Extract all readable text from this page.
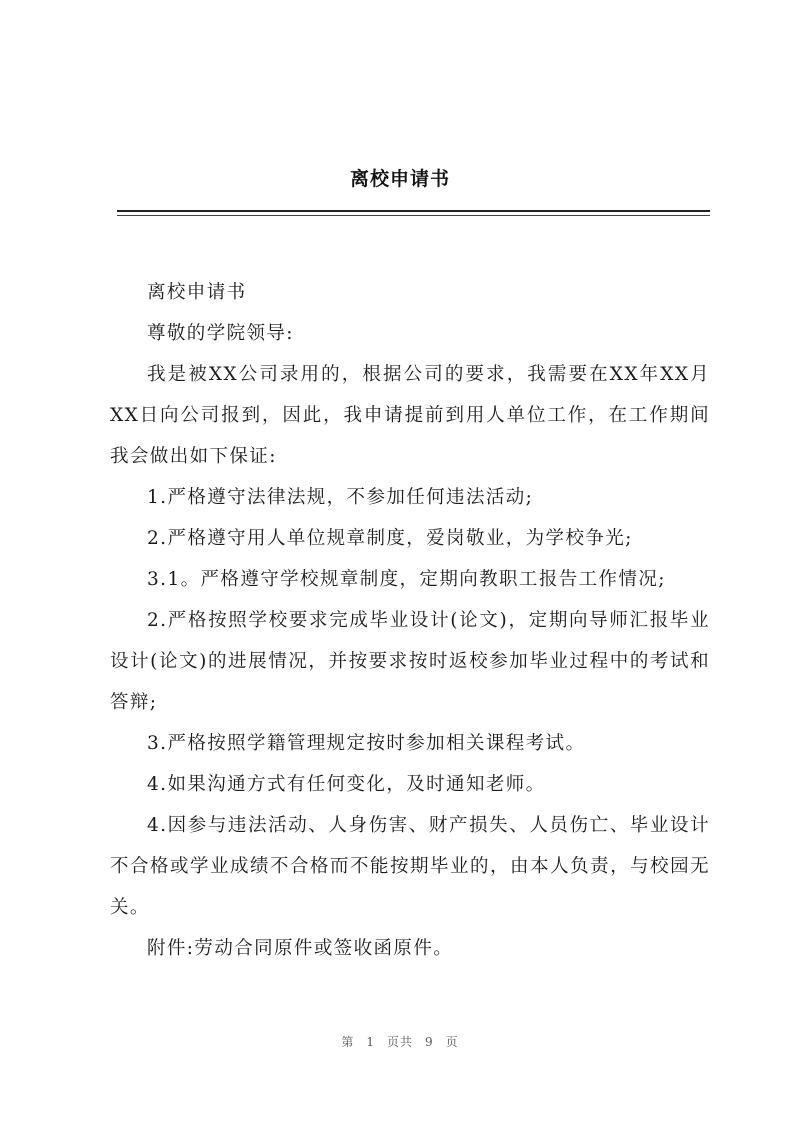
离校申请书

离校申请书

尊敬的学院领导:

我是被XX公司录用的，根据公司的要求，我需要在XX年XX月XX日向公司报到，因此，我申请提前到用人单位工作，在工作期间我会做出如下保证:

1.严格遵守法律法规，不参加任何违法活动;

2.严格遵守用人单位规章制度，爱岗敬业，为学校争光;

3.1。严格遵守学校规章制度，定期向教职工报告工作情况;

2.严格按照学校要求完成毕业设计(论文)，定期向导师汇报毕业设计(论文)的进展情况，并按要求按时返校参加毕业过程中的考试和答辩;

3.严格按照学籍管理规定按时参加相关课程考试。

4.如果沟通方式有任何变化，及时通知老师。

4.因参与违法活动、人身伤害、财产损失、人员伤亡、毕业设计不合格或学业成绩不合格而不能按期毕业的，由本人负责，与校园无关。

附件:劳动合同原件或签收函原件。

第 1 页共 9 页
